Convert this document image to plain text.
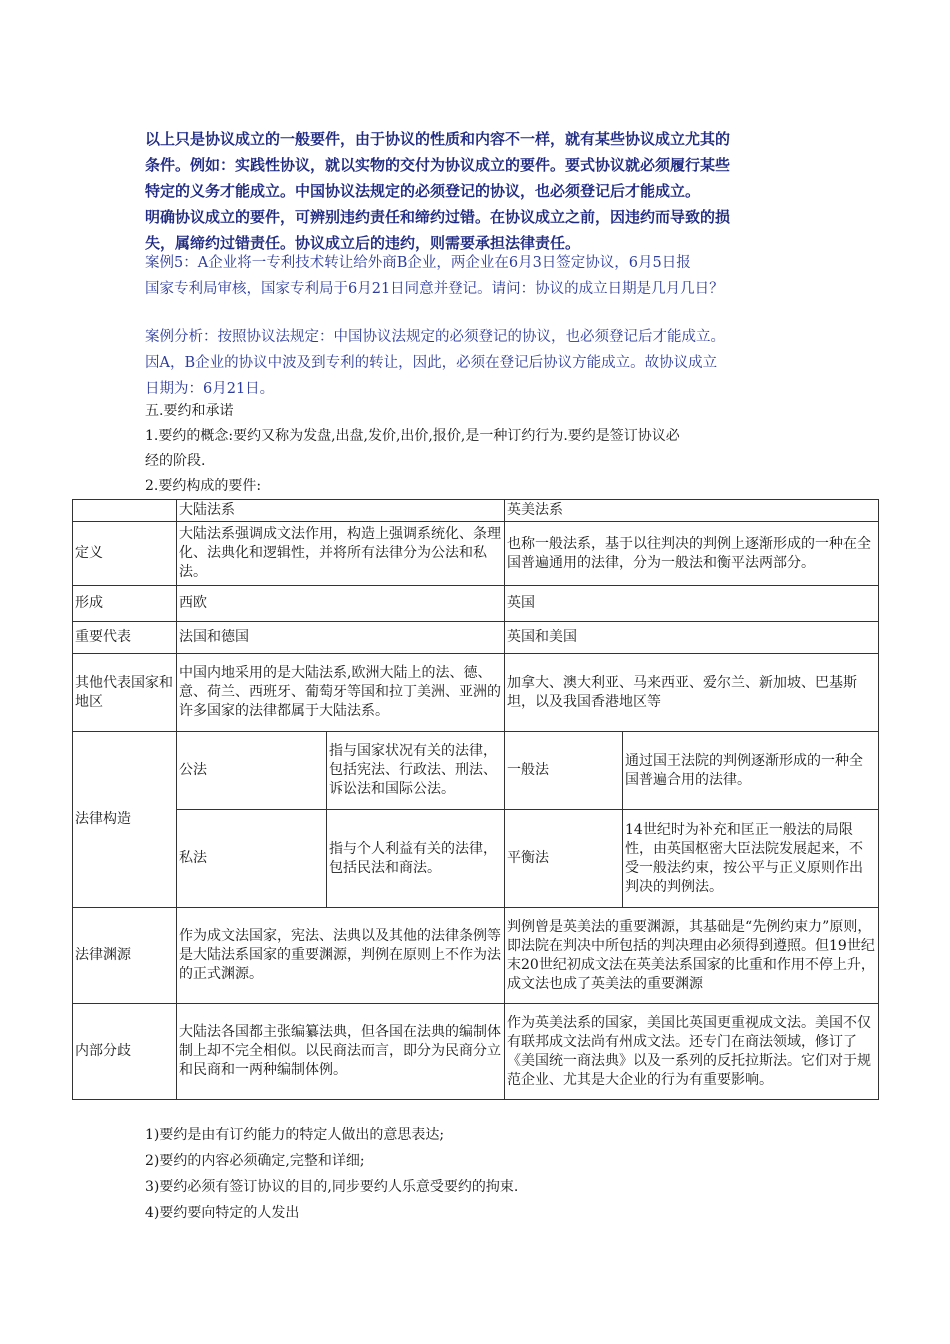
以上只是协议成立的一般要件，由于协议的性质和内容不一样，就有某些协议成立尤其的

条件。例如：实践性协议，就以实物的交付为协议成立的要件。要式协议就必须履行某些

特定的义务才能成立。中国协议法规定的必须登记的协议，也必须登记后才能成立。

明确协议成立的要件，可辨别违约责任和缔约过错。在协议成立之前，因违约而导致的损

失，属缔约过错责任。协议成立后的违约，则需要承担法律责任。

案例5：A企业将一专利技术转让给外商B企业，两企业在6月3日签定协议，6月5日报

国家专利局审核，国家专利局于6月21日同意并登记。请问：协议的成立日期是几月几日？

案例分析：按照协议法规定：中国协议法规定的必须登记的协议，也必须登记后才能成立。

因A，B企业的协议中波及到专利的转让，因此，必须在登记后协议方能成立。故协议成立

日期为：6月21日。

五.要约和承诺

1.要约的概念:要约又称为发盘,出盘,发价,出价,报价,是一种订约行为.要约是签订协议必

经的阶段.

2.要约构成的要件:

	大陆法系		英美法系	
定义	大陆法系强调成文法作用，构造上强调系统化、条理化、法典化和逻辑性，并将所有法律分为公法和私法。		也称一般法系，基于以往判决的判例上逐渐形成的一种在全国普遍通用的法律，分为一般法和衡平法两部分。	
形成	西欧		英国	
重要代表	法国和德国		英国和美国	
其他代表国家和地区	中国内地采用的是大陆法系,欧洲大陆上的法、德、意、荷兰、西班牙、葡萄牙等国和拉丁美洲、亚洲的许多国家的法律都属于大陆法系。		加拿大、澳大利亚、马来西亚、爱尔兰、新加坡、巴基斯坦，以及我国香港地区等	
法律构造	公法	指与国家状况有关的法律，包括宪法、行政法、刑法、诉讼法和国际公法。	一般法	通过国王法院的判例逐渐形成的一种全国普遍合用的法律。
	私法	指与个人利益有关的法律，包括民法和商法。	平衡法	14世纪时为补充和匡正一般法的局限性，由英国枢密大臣法院发展起来，不受一般法约束，按公平与正义原则作出判决的判例法。
法律渊源	作为成文法国家，宪法、法典以及其他的法律条例等是大陆法系国家的重要渊源，判例在原则上不作为法的正式渊源。		判例曾是英美法的重要渊源，其基础是“先例约束力”原则，即法院在判决中所包括的判决理由必须得到遵照。但19世纪末20世纪初成文法在英美法系国家的比重和作用不停上升，成文法也成了英美法的重要渊源	
内部分歧	大陆法各国都主张编纂法典，但各国在法典的编制体制上却不完全相似。以民商法而言，即分为民商分立和民商和一两种编制体例。		作为英美法系的国家，美国比英国更重视成文法。美国不仅有联邦成文法尚有州成文法。还专门在商法领域，修订了《美国统一商法典》以及一系列的反托拉斯法。它们对于规范企业、尤其是大企业的行为有重要影响。	

1)要约是由有订约能力的特定人做出的意思表达;

2)要约的内容必须确定,完整和详细;

3)要约必须有签订协议的目的,同步要约人乐意受要约的拘束.

4)要约要向特定的人发出
